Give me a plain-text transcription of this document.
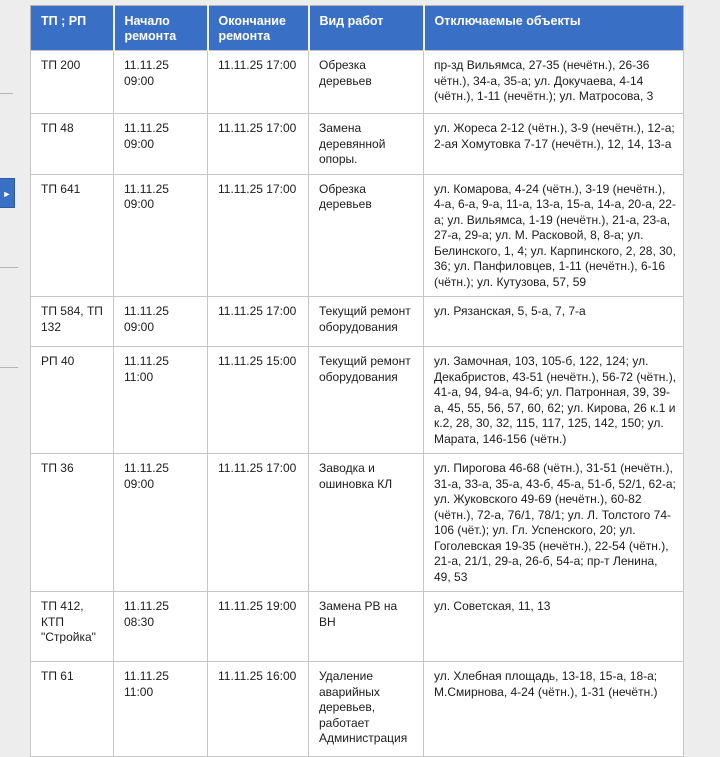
►
ТП ; РП	Начало ремонта	Окончание ремонта	Вид работ	Отключаемые объекты
ТП 200	11.11.25 09:00	11.11.25 17:00	Обрезка деревьев	пр-зд Вильямса, 27-35 (нечётн.), 26-36 чётн.), 34-а, 35-а; ул. Докучаева, 4-14 (чётн.), 1-11 (нечётн.); ул. Матросова, 3
ТП 48	11.11.25 09:00	11.11.25 17:00	Замена деревянной опоры.	ул. Жореса 2-12 (чётн.), 3-9 (нечётн.), 12-а; 2-ая Хомутовка 7-17 (нечётн.), 12, 14, 13-а
ТП 641	11.11.25 09:00	11.11.25 17:00	Обрезка деревьев	ул. Комарова, 4-24 (чётн.), 3-19 (нечётн.), 4-а, 6-а, 9-а, 11-а, 13-а, 15-а, 14-а, 20-а, 22-а; ул. Вильямса, 1-19 (нечётн.), 21-а, 23-а, 27-а, 29-а; ул. М. Расковой, 8, 8-а; ул. Белинского, 1, 4; ул. Карпинского, 2, 28, 30, 36; ул. Панфиловцев, 1-11 (нечётн.), 6-16 (чётн.); ул. Кутузова, 57, 59
ТП 584, ТП 132	11.11.25 09:00	11.11.25 17:00	Текущий ремонт оборудования	ул. Рязанская, 5, 5-а, 7, 7-а
РП 40	11.11.25 11:00	11.11.25 15:00	Текущий ремонт оборудования	ул. Замочная, 103, 105-б, 122, 124; ул. Декабристов, 43-51 (нечётн.), 56-72 (чётн.), 41-а, 94, 94-а, 94-б; ул. Патронная, 39, 39-а, 45, 55, 56, 57, 60, 62; ул. Кирова, 26 к.1 и к.2, 28, 30, 32, 115, 117, 125, 142, 150; ул. Марата, 146-156 (чётн.)
ТП 36	11.11.25 09:00	11.11.25 17:00	Заводка и ошиновка КЛ	ул. Пирогова 46-68 (чётн.), 31-51 (нечётн.), 31-а, 33-а, 35-а, 43-б, 45-а, 51-б, 52/1, 62-а; ул. Жуковского 49-69 (нечётн.), 60-82 (чётн.), 72-а, 76/1, 78/1; ул. Л. Толстого 74-106 (чёт.); ул. Гл. Успенского, 20; ул. Гоголевская 19-35 (нечётн.), 22-54 (чётн.), 21-а, 21/1, 29-а, 26-б, 54-а; пр-т Ленина, 49, 53
ТП 412, КТП "Стройка"	11.11.25 08:30	11.11.25 19:00	Замена РВ на ВН	ул. Советская, 11, 13
ТП 61	11.11.25 11:00	11.11.25 16:00	Удаление аварийных деревьев, работает Администрация	ул. Хлебная площадь, 13-18, 15-а, 18-а; М.Смирнова, 4-24 (чётн.), 1-31 (нечётн.)
